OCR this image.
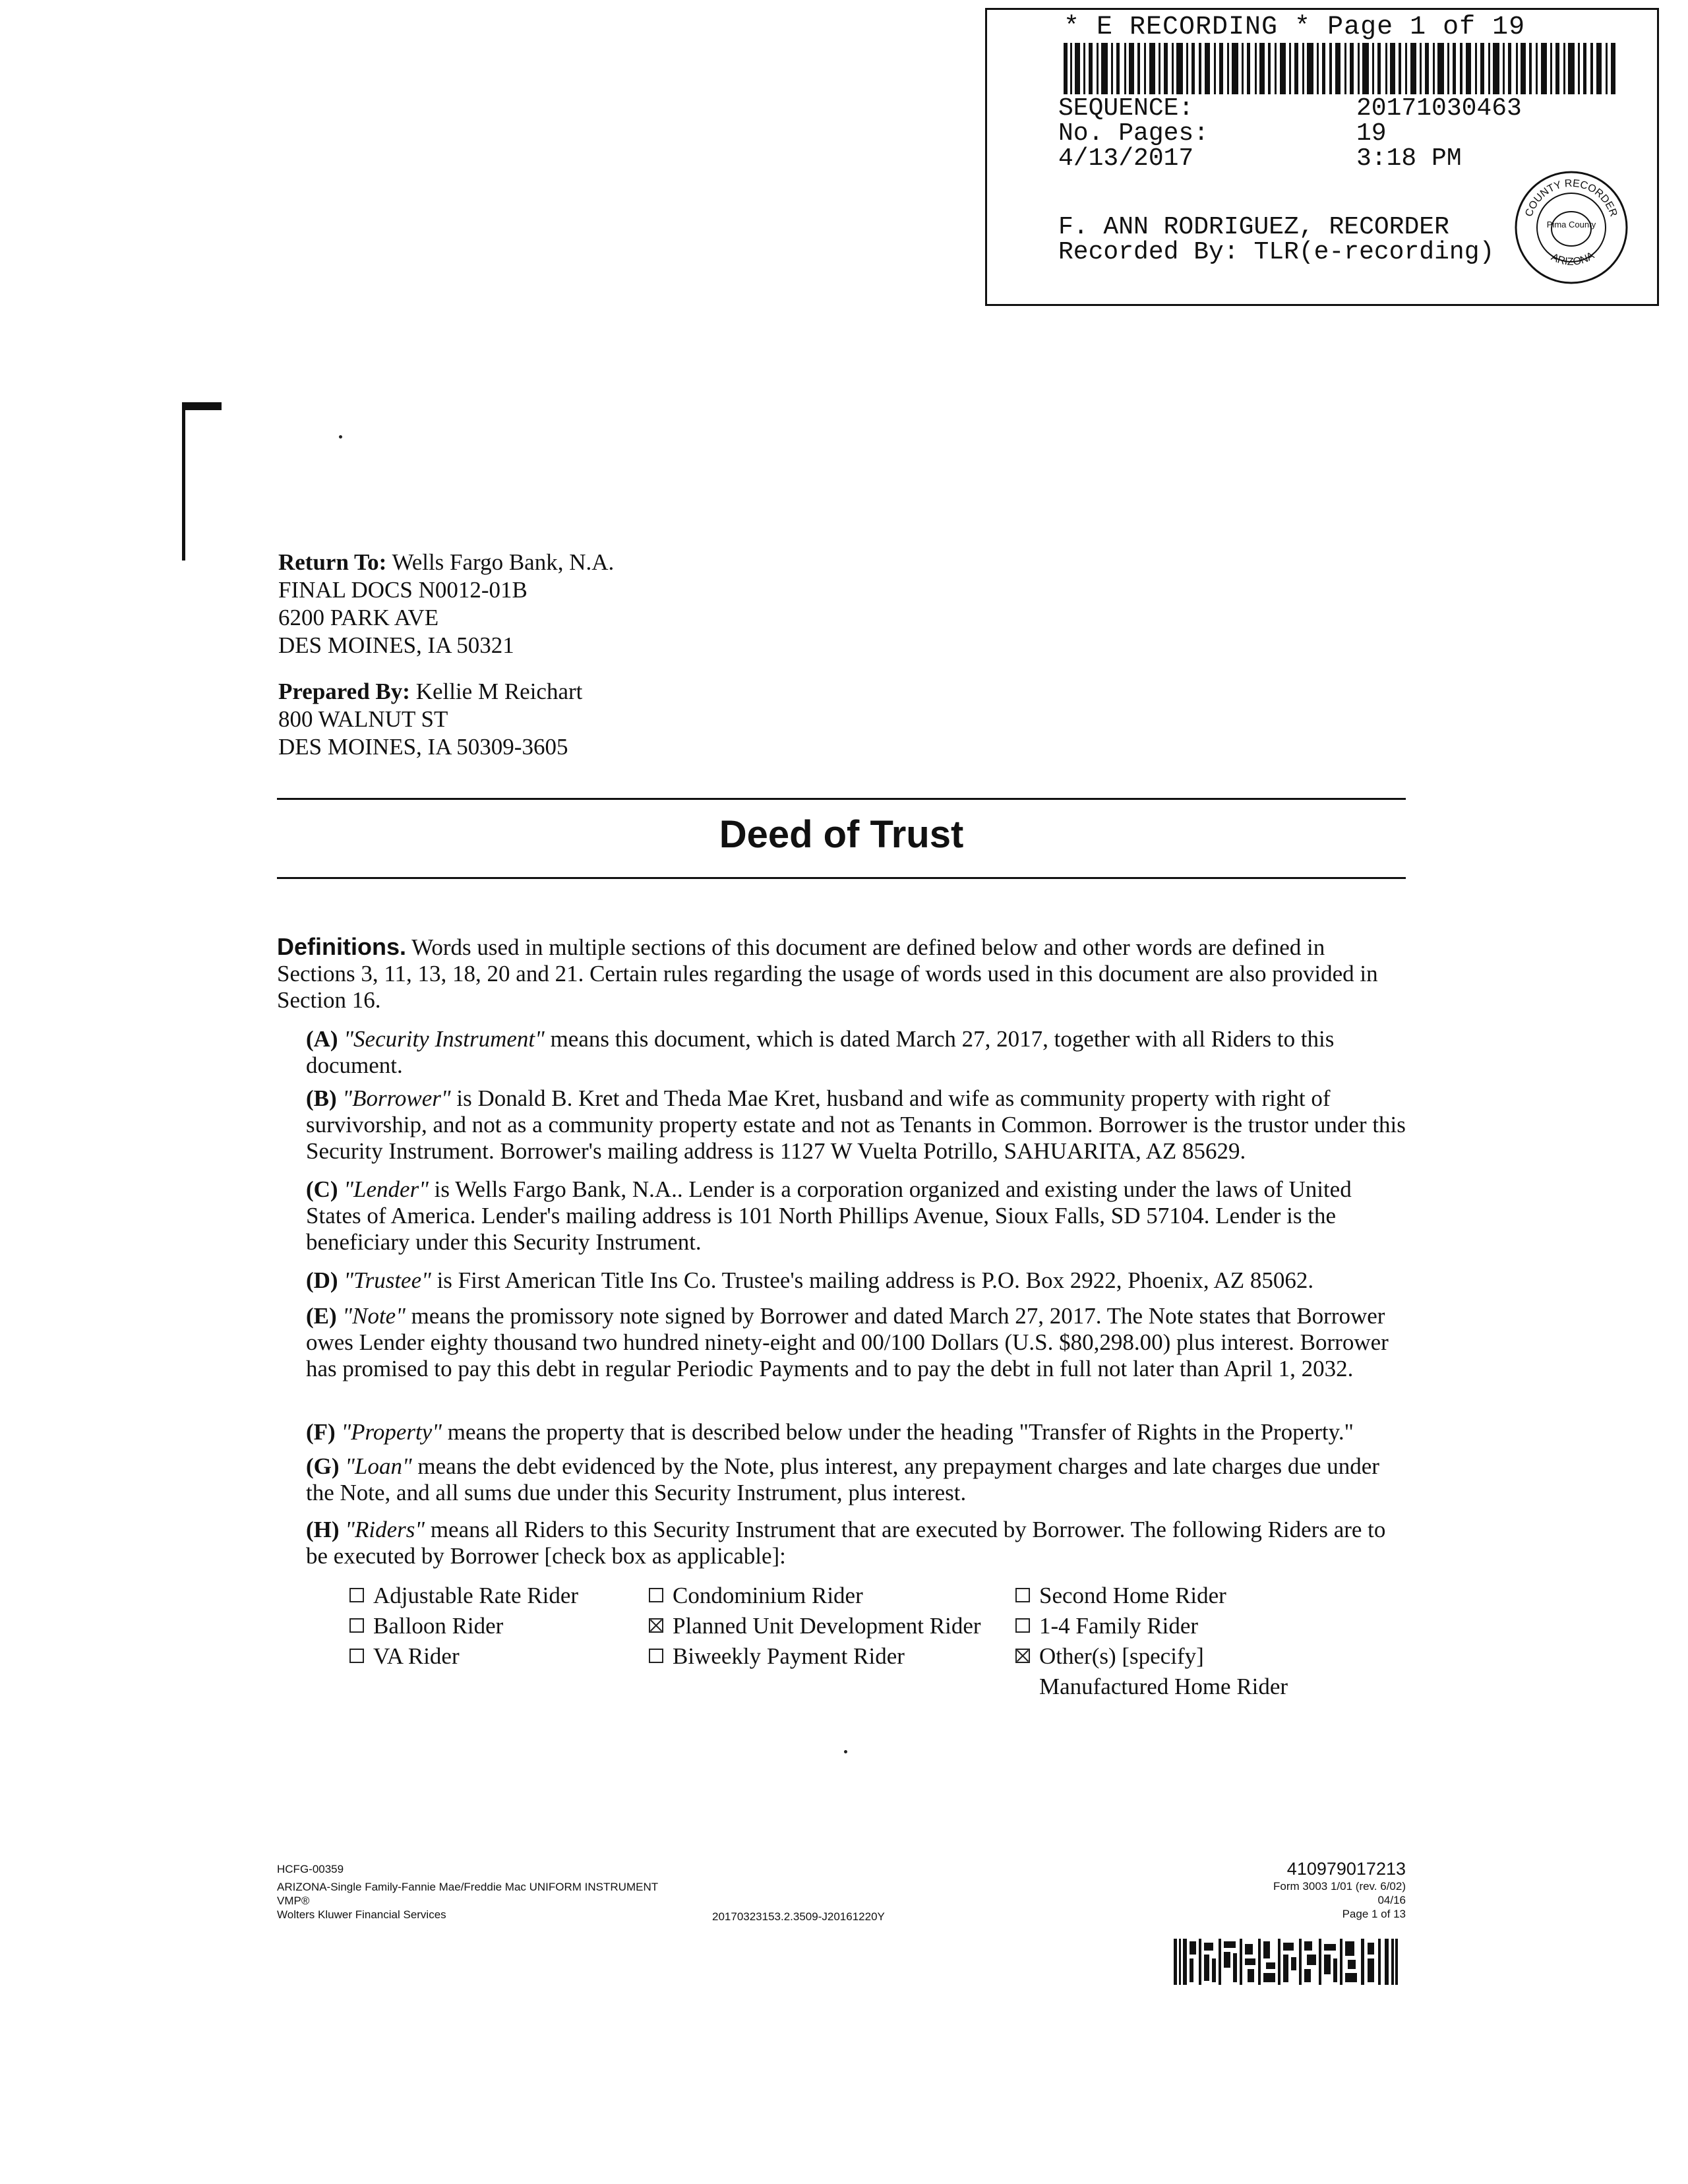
* E RECORDING * Page 1 of 19
SEQUENCE:	20171030463
No. Pages:	19
4/13/2017	3:18 PM
F. ANN RODRIGUEZ, RECORDER
Recorded By: TLR(e-recording)
COUNTY RECORDER
Pima County
ARIZONA
Return To: Wells Fargo Bank, N.A.
FINAL DOCS N0012-01B
6200 PARK AVE
DES MOINES, IA 50321
Prepared By: Kellie M Reichart
800 WALNUT ST
DES MOINES, IA 50309-3605
Deed of Trust
Definitions. Words used in multiple sections of this document are defined below and other words are defined in Sections 3, 11, 13, 18, 20 and 21. Certain rules regarding the usage of words used in this document are also provided in Section 16.
(A) "Security Instrument" means this document, which is dated March 27, 2017, together with all Riders to this document.
(B) "Borrower" is Donald B. Kret and Theda Mae Kret, husband and wife as community property with right of survivorship, and not as a community property estate and not as Tenants in Common. Borrower is the trustor under this Security Instrument. Borrower's mailing address is 1127 W Vuelta Potrillo, SAHUARITA, AZ 85629.
(C) "Lender" is Wells Fargo Bank, N.A.. Lender is a corporation organized and existing under the laws of United States of America. Lender's mailing address is 101 North Phillips Avenue, Sioux Falls, SD 57104. Lender is the beneficiary under this Security Instrument.
(D) "Trustee" is First American Title Ins Co. Trustee's mailing address is P.O. Box 2922, Phoenix, AZ 85062.
(E) "Note" means the promissory note signed by Borrower and dated March 27, 2017. The Note states that Borrower owes Lender eighty thousand two hundred ninety-eight and 00/100 Dollars (U.S. $80,298.00) plus interest. Borrower has promised to pay this debt in regular Periodic Payments and to pay the debt in full not later than April 1, 2032.
(F) "Property" means the property that is described below under the heading "Transfer of Rights in the Property."
(G) "Loan" means the debt evidenced by the Note, plus interest, any prepayment charges and late charges due under the Note, and all sums due under this Security Instrument, plus interest.
(H) "Riders" means all Riders to this Security Instrument that are executed by Borrower. The following Riders are to be executed by Borrower [check box as applicable]:
Adjustable Rate Rider	Condominium Rider	Second Home Rider
Balloon Rider	Planned Unit Development Rider	1-4 Family Rider
VA Rider	Biweekly Payment Rider	Other(s) [specify]
Manufactured Home Rider
HCFG-00359
ARIZONA-Single Family-Fannie Mae/Freddie Mac UNIFORM INSTRUMENT
VMP®
Wolters Kluwer Financial Services	20170323153.2.3509-J20161220Y
410979017213
Form 3003 1/01 (rev. 6/02)
04/16
Page 1 of 13
